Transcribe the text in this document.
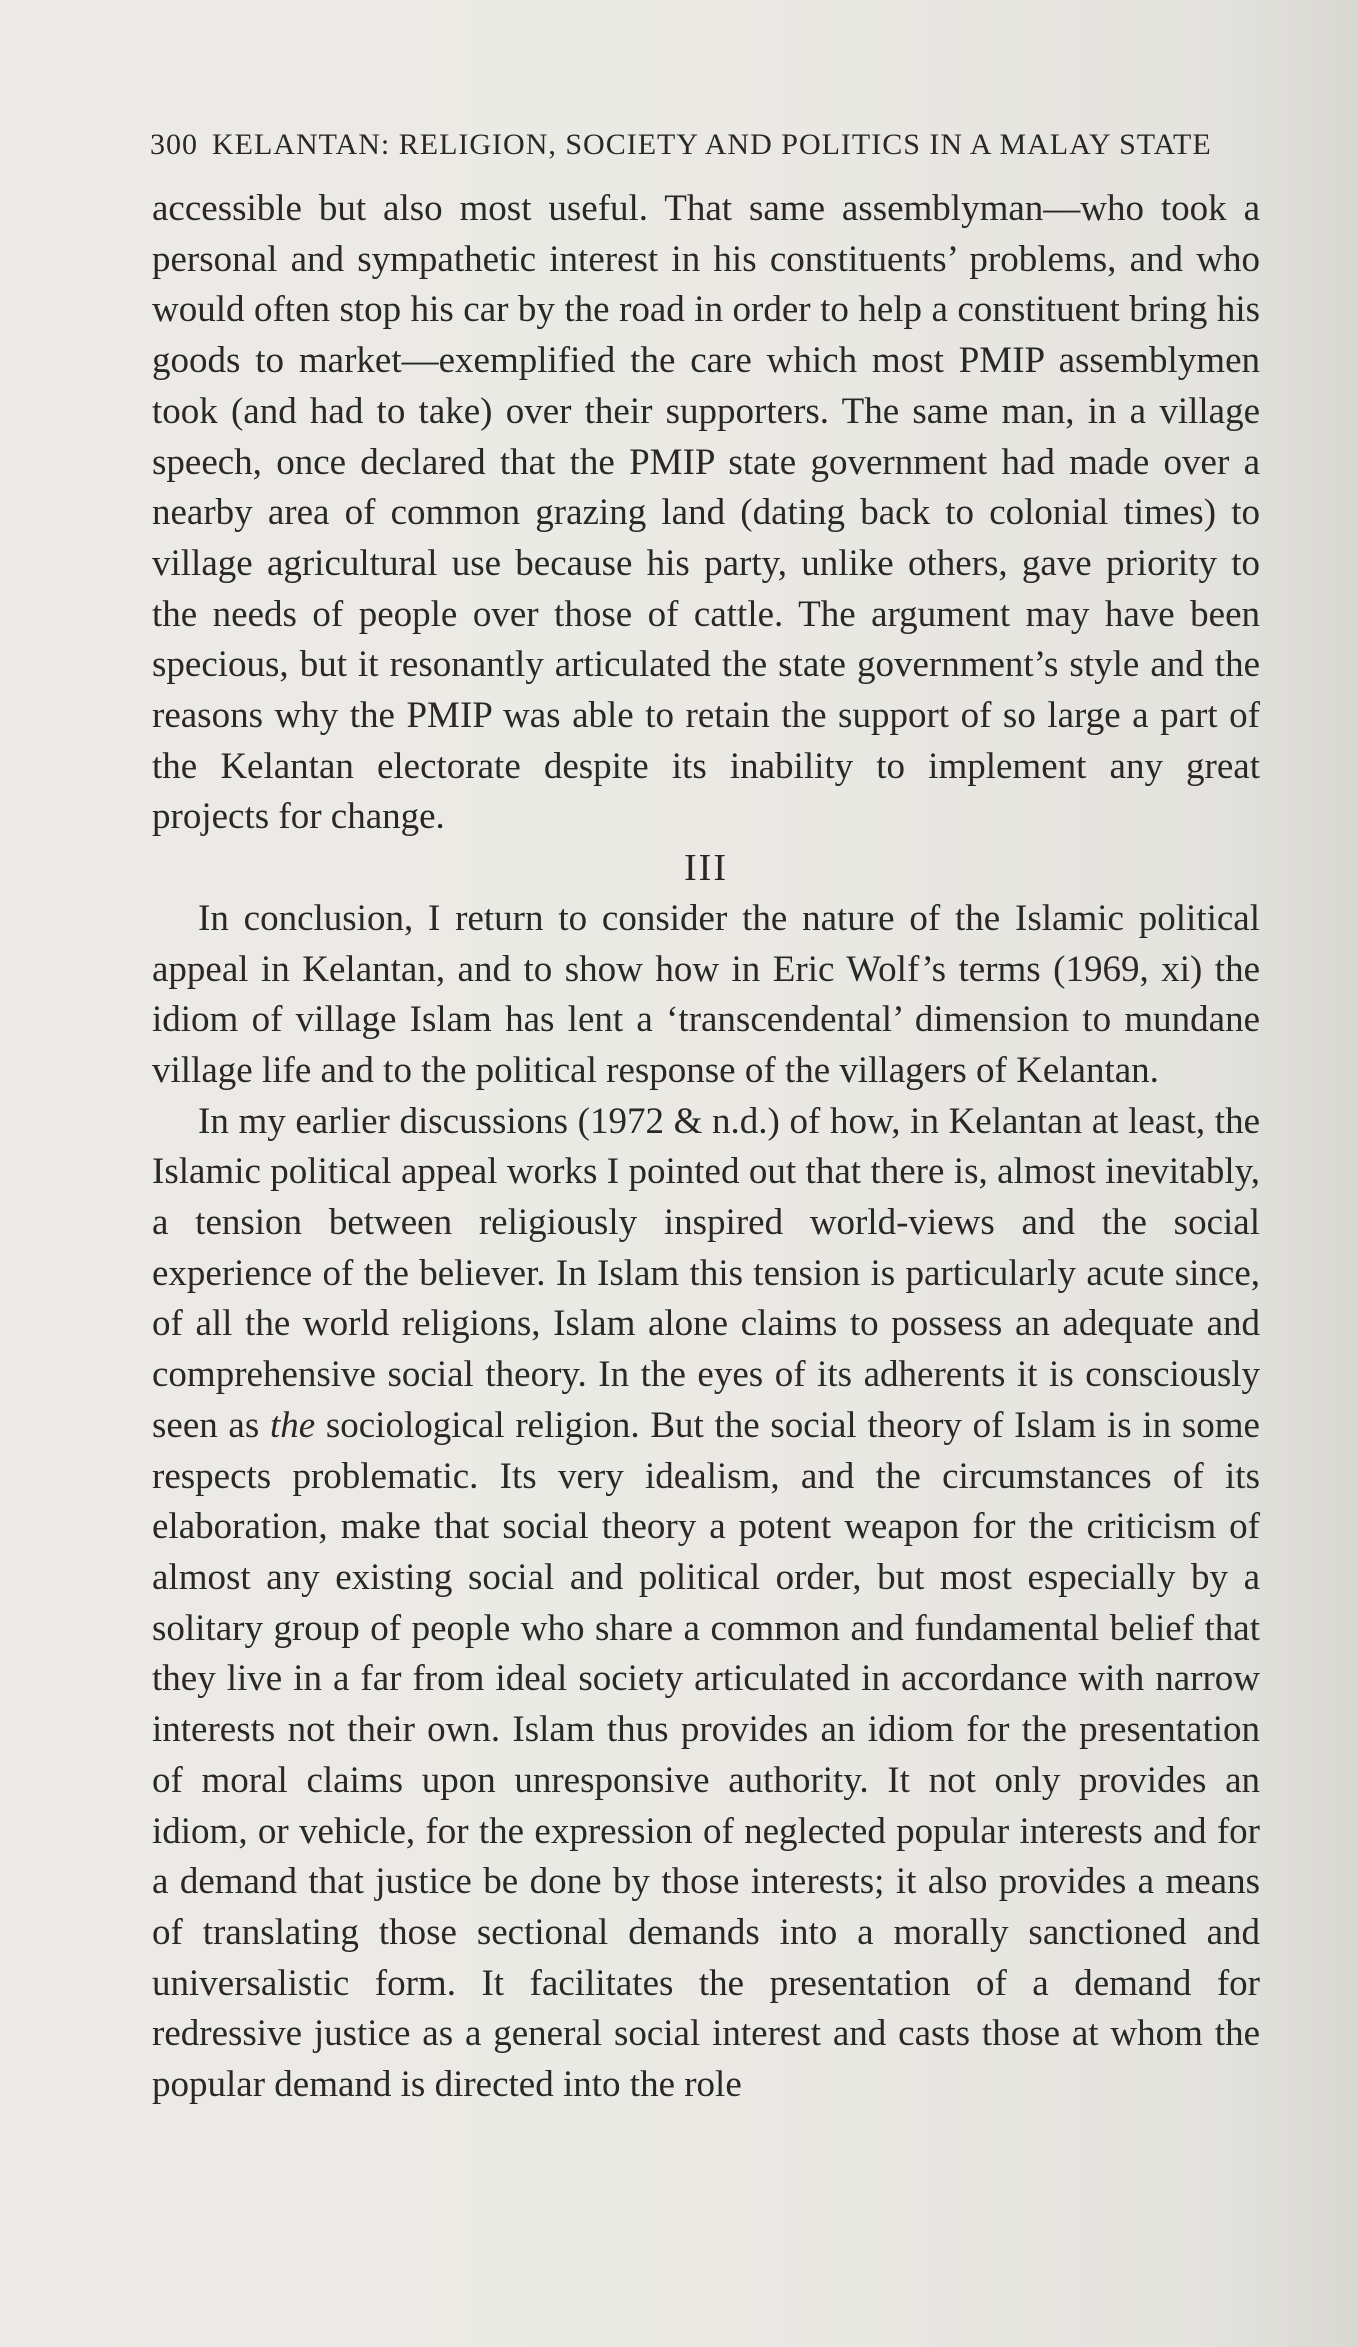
300 KELANTAN: RELIGION, SOCIETY AND POLITICS IN A MALAY STATE

accessible but also most useful. That same assemblyman—who took a personal and sympathetic interest in his constituents’ problems, and who would often stop his car by the road in order to help a constituent bring his goods to market—exemplified the care which most PMIP assemblymen took (and had to take) over their supporters. The same man, in a village speech, once declared that the PMIP state government had made over a nearby area of common grazing land (dating back to colonial times) to village agricultural use because his party, unlike others, gave priority to the needs of people over those of cattle. The argument may have been specious, but it resonantly articulated the state government’s style and the reasons why the PMIP was able to retain the support of so large a part of the Kelantan electorate despite its inability to implement any great projects for change.

III

In conclusion, I return to consider the nature of the Islamic political appeal in Kelantan, and to show how in Eric Wolf’s terms (1969, xi) the idiom of village Islam has lent a ‘transcendental’ dimension to mundane village life and to the political response of the villagers of Kelantan.

In my earlier discussions (1972 & n.d.) of how, in Kelantan at least, the Islamic political appeal works I pointed out that there is, almost inevitably, a tension between religiously inspired world-views and the social experience of the believer. In Islam this tension is particularly acute since, of all the world religions, Islam alone claims to possess an adequate and comprehensive social theory. In the eyes of its adherents it is consciously seen as the sociological religion. But the social theory of Islam is in some respects problematic. Its very idealism, and the circumstances of its elaboration, make that social theory a potent weapon for the criticism of almost any existing social and political order, but most especially by a solitary group of people who share a common and fundamental belief that they live in a far from ideal society articulated in accordance with narrow interests not their own. Islam thus provides an idiom for the presentation of moral claims upon unresponsive authority. It not only provides an idiom, or vehicle, for the expression of neglected popular interests and for a demand that justice be done by those interests; it also provides a means of translating those sectional demands into a morally sanctioned and universalistic form. It facilitates the presentation of a demand for redressive justice as a general social interest and casts those at whom the popular demand is directed into the role
